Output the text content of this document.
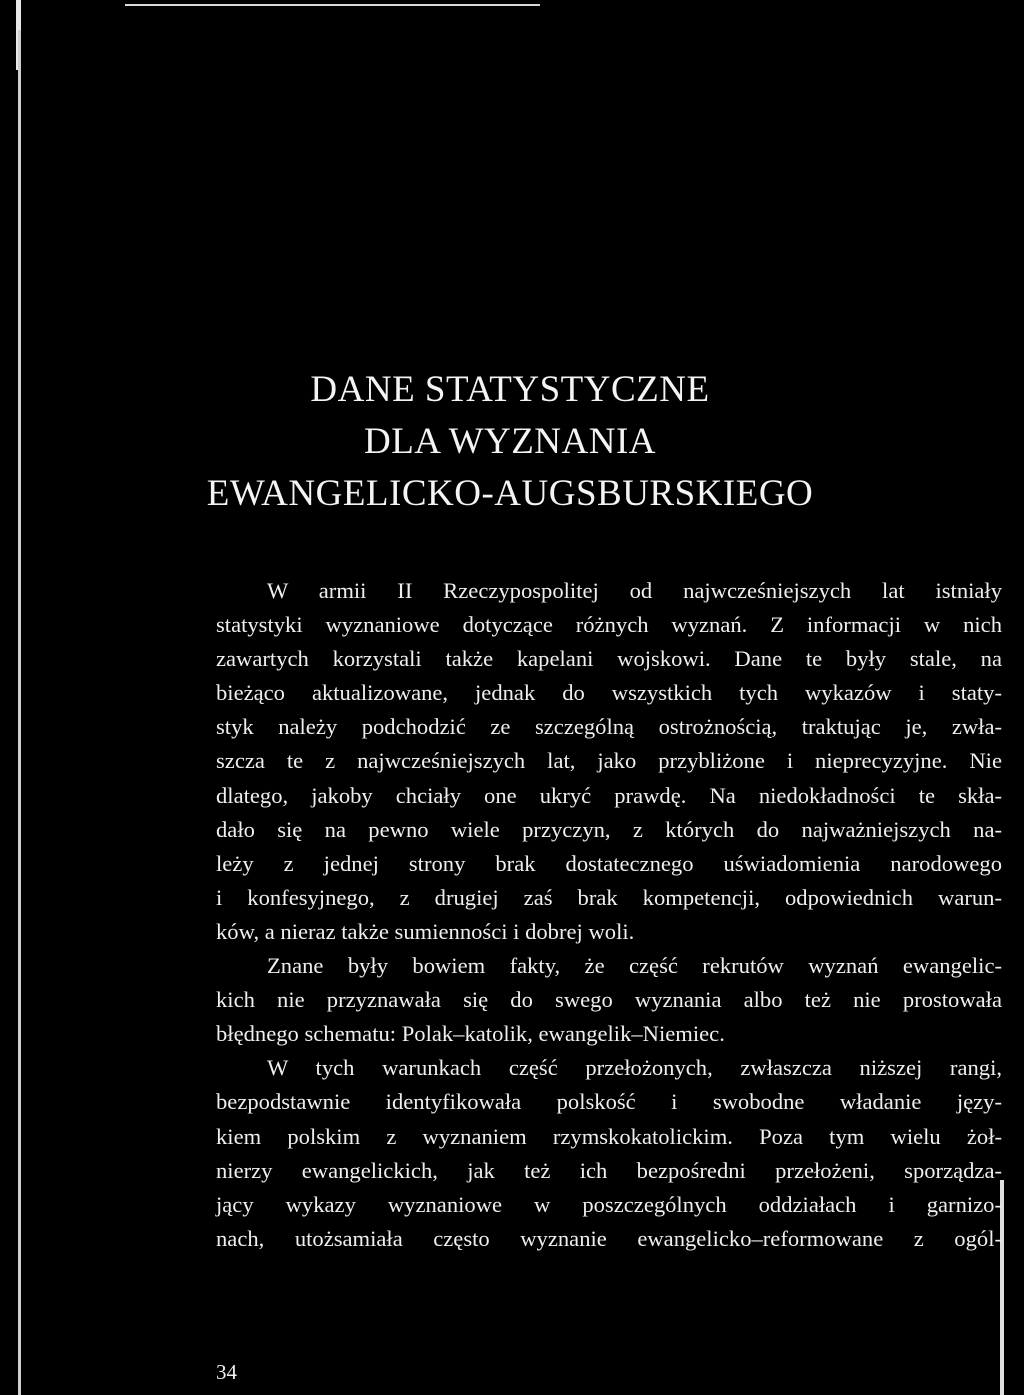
DANE STATYSTYCZNE
DLA WYZNANIA
EWANGELICKO-AUGSBURSKIEGO
W armii II Rzeczypospolitej od najwcześniejszych lat istniały
statystyki wyznaniowe dotyczące różnych wyznań. Z informacji w nich
zawartych korzystali także kapelani wojskowi. Dane te były stale, na
bieżąco aktualizowane, jednak do wszystkich tych wykazów i staty-
styk należy podchodzić ze szczególną ostrożnością, traktując je, zwła-
szcza te z najwcześniejszych lat, jako przybliżone i nieprecyzyjne. Nie
dlatego, jakoby chciały one ukryć prawdę. Na niedokładności te skła-
dało się na pewno wiele przyczyn, z których do najważniejszych na-
leży z jednej strony brak dostatecznego uświadomienia narodowego
i konfesyjnego, z drugiej zaś brak kompetencji, odpowiednich warun-
ków, a nieraz także sumienności i dobrej woli.
Znane były bowiem fakty, że część rekrutów wyznań ewangelic-
kich nie przyznawała się do swego wyznania albo też nie prostowała
błędnego schematu: Polak–katolik, ewangelik–Niemiec.
W tych warunkach część przełożonych, zwłaszcza niższej rangi,
bezpodstawnie identyfikowała polskość i swobodne władanie języ-
kiem polskim z wyznaniem rzymskokatolickim. Poza tym wielu żoł-
nierzy ewangelickich, jak też ich bezpośredni przełożeni, sporządza-
jący wykazy wyznaniowe w poszczególnych oddziałach i garnizo-
nach, utożsamiała często wyznanie ewangelicko–reformowane z ogól-
34
